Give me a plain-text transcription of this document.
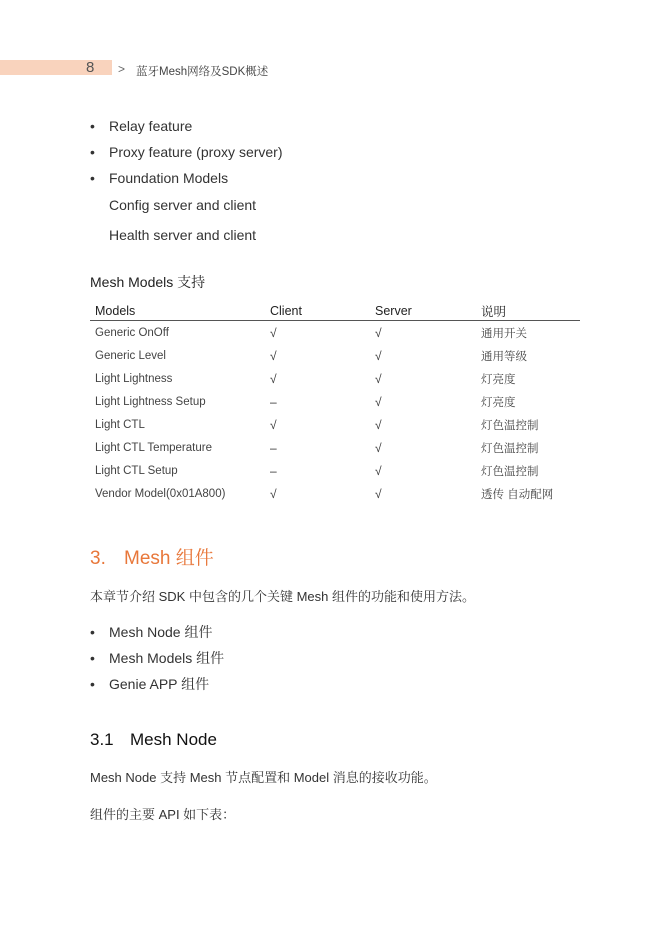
8 > 蓝牙Mesh网络及SDK概述
• Relay feature
• Proxy feature (proxy server)
• Foundation Models
Config server and client
Health server and client
Mesh Models 支持
Models	Client	Server	说明
Generic OnOff	√	√	通用开关
Generic Level	√	√	通用等级
Light Lightness	√	√	灯亮度
Light Lightness Setup	–	√	灯亮度
Light CTL	√	√	灯色温控制
Light CTL Temperature	–	√	灯色温控制
Light CTL Setup	–	√	灯色温控制
Vendor Model(0x01A800)	√	√	透传 自动配网
3. Mesh 组件
本章节介绍 SDK 中包含的几个关键 Mesh 组件的功能和使用方法。
• Mesh Node 组件
• Mesh Models 组件
• Genie APP 组件
3.1 Mesh Node
Mesh Node 支持 Mesh 节点配置和 Model 消息的接收功能。
组件的主要 API 如下表：
